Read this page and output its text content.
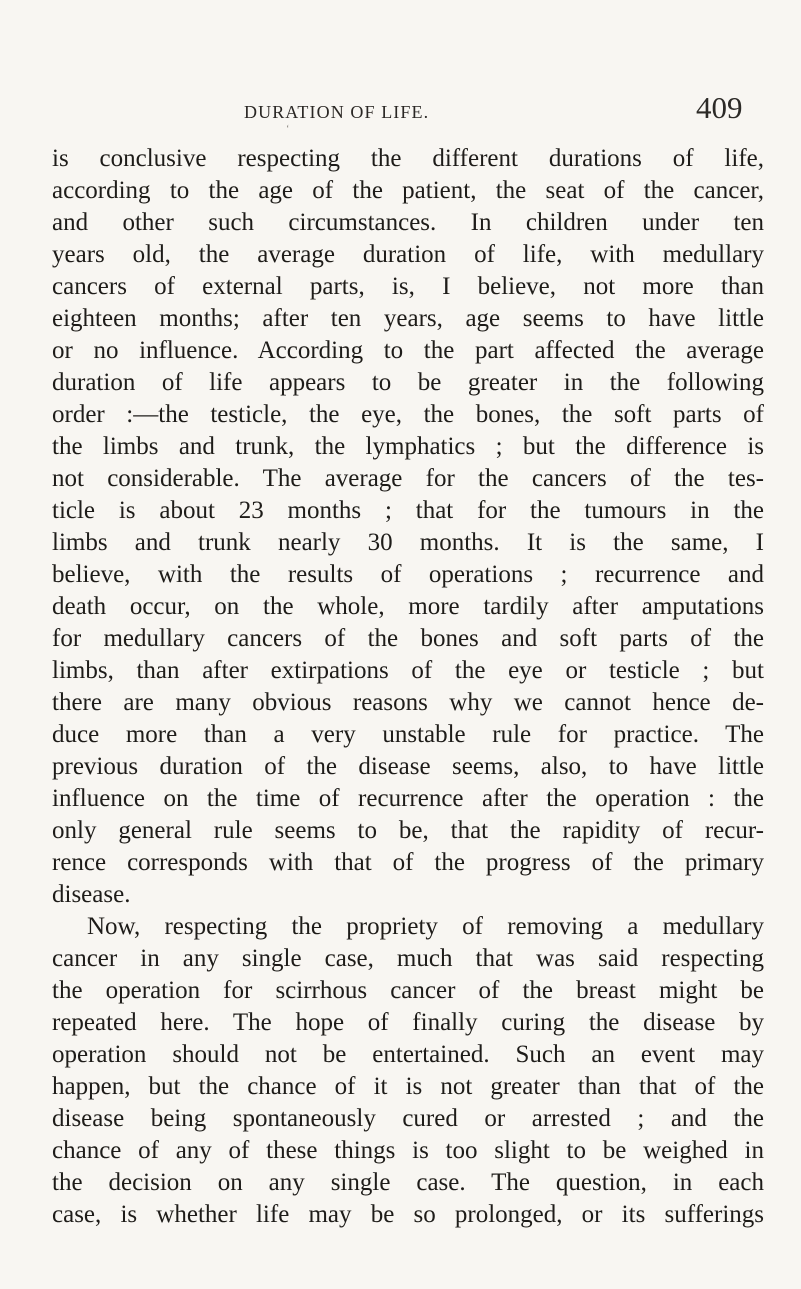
DURATION OF LIFE.	409
‘
is conclusive respecting the different durations of life,
according to the age of the patient, the seat of the cancer,
and other such circumstances. In children under ten
years old, the average duration of life, with medullary
cancers of external parts, is, I believe, not more than
eighteen months; after ten years, age seems to have little
or no influence. According to the part affected the average
duration of life appears to be greater in the following
order :—the testicle, the eye, the bones, the soft parts of
the limbs and trunk, the lymphatics ; but the difference is
not considerable. The average for the cancers of the tes-
ticle is about 23 months ; that for the tumours in the
limbs and trunk nearly 30 months. It is the same, I
believe, with the results of operations ; recurrence and
death occur, on the whole, more tardily after amputations
for medullary cancers of the bones and soft parts of the
limbs, than after extirpations of the eye or testicle ; but
there are many obvious reasons why we cannot hence de-
duce more than a very unstable rule for practice. The
previous duration of the disease seems, also, to have little
influence on the time of recurrence after the operation : the
only general rule seems to be, that the rapidity of recur-
rence corresponds with that of the progress of the primary
disease.
Now, respecting the propriety of removing a medullary
cancer in any single case, much that was said respecting
the operation for scirrhous cancer of the breast might be
repeated here. The hope of finally curing the disease by
operation should not be entertained. Such an event may
happen, but the chance of it is not greater than that of the
disease being spontaneously cured or arrested ; and the
chance of any of these things is too slight to be weighed in
the decision on any single case. The question, in each
case, is whether life may be so prolonged, or its sufferings
